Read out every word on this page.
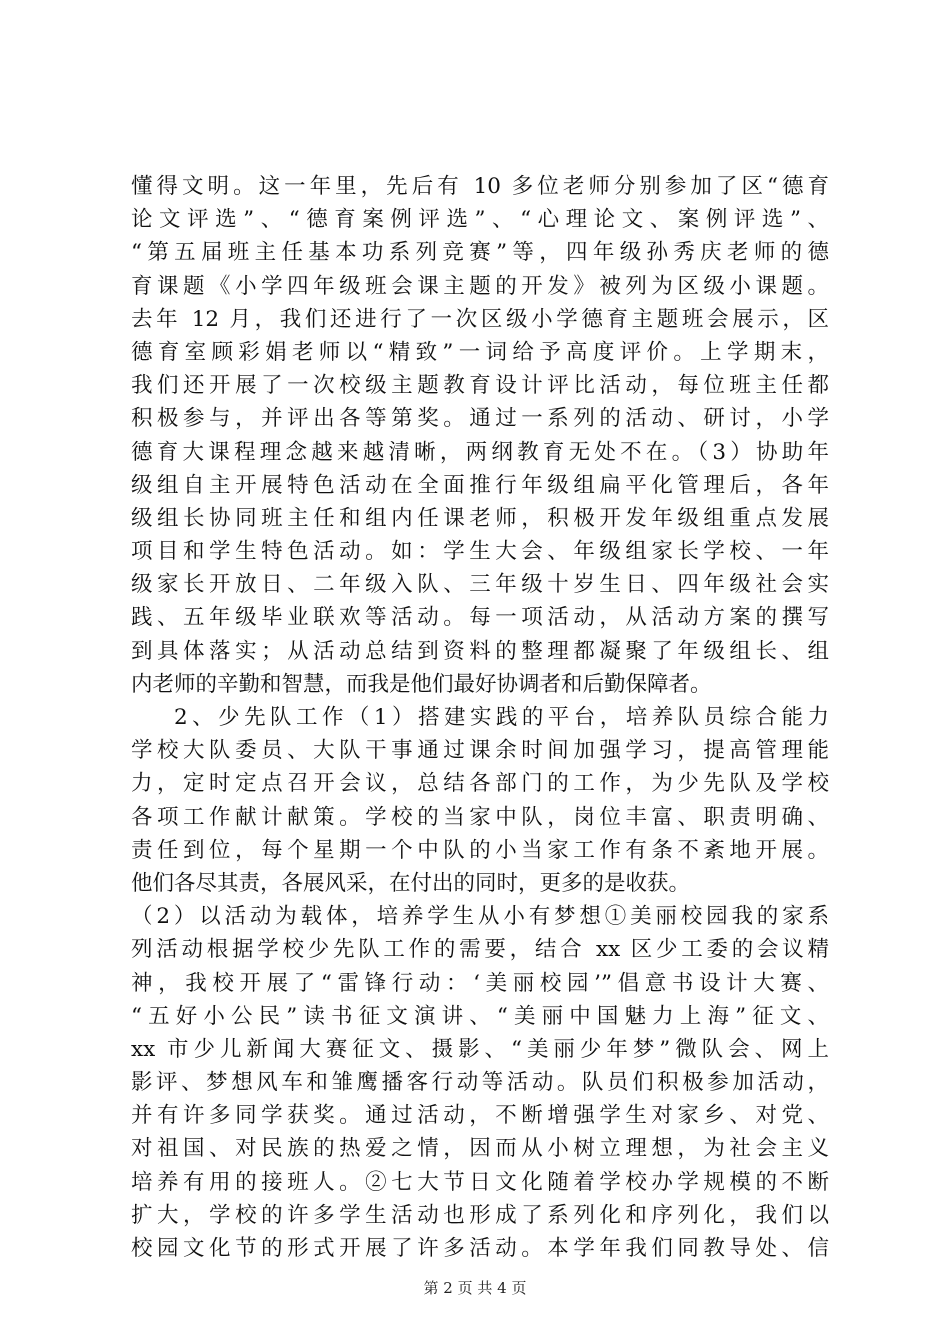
懂得文明。这一年里，先后有 10 多位老师分别参加了区“德育
论文评选”、“德育案例评选”、“心理论文、案例评选”、
“第五届班主任基本功系列竞赛”等，四年级孙秀庆老师的德
育课题《小学四年级班会课主题的开发》被列为区级小课题。
去年 12 月，我们还进行了一次区级小学德育主题班会展示，区
德育室顾彩娟老师以“精致”一词给予高度评价。上学期末，
我们还开展了一次校级主题教育设计评比活动，每位班主任都
积极参与，并评出各等第奖。通过一系列的活动、研讨，小学
德育大课程理念越来越清晰，两纲教育无处不在。（3）协助年
级组自主开展特色活动在全面推行年级组扁平化管理后，各年
级组长协同班主任和组内任课老师，积极开发年级组重点发展
项目和学生特色活动。如：学生大会、年级组家长学校、一年
级家长开放日、二年级入队、三年级十岁生日、四年级社会实
践、五年级毕业联欢等活动。每一项活动，从活动方案的撰写
到具体落实；从活动总结到资料的整理都凝聚了年级组长、组
内老师的辛勤和智慧，而我是他们最好协调者和后勤保障者。
2、少先队工作（1）搭建实践的平台，培养队员综合能力
学校大队委员、大队干事通过课余时间加强学习，提高管理能
力，定时定点召开会议，总结各部门的工作，为少先队及学校
各项工作献计献策。学校的当家中队，岗位丰富、职责明确、
责任到位，每个星期一个中队的小当家工作有条不紊地开展。
他们各尽其责，各展风采，在付出的同时，更多的是收获。
（2）以活动为载体，培养学生从小有梦想①美丽校园我的家系
列活动根据学校少先队工作的需要，结合 xx 区少工委的会议精
神，我校开展了“雷锋行动：‘美丽校园’”倡意书设计大赛、
“五好小公民”读书征文演讲、“美丽中国魅力上海”征文、
xx 市少儿新闻大赛征文、摄影、“美丽少年梦”微队会、网上
影评、梦想风车和雏鹰播客行动等活动。队员们积极参加活动，
并有许多同学获奖。通过活动，不断增强学生对家乡、对党、
对祖国、对民族的热爱之情，因而从小树立理想，为社会主义
培养有用的接班人。②七大节日文化随着学校办学规模的不断
扩大，学校的许多学生活动也形成了系列化和序列化，我们以
校园文化节的形式开展了许多活动。本学年我们同教导处、信
第 2 页 共 4 页
